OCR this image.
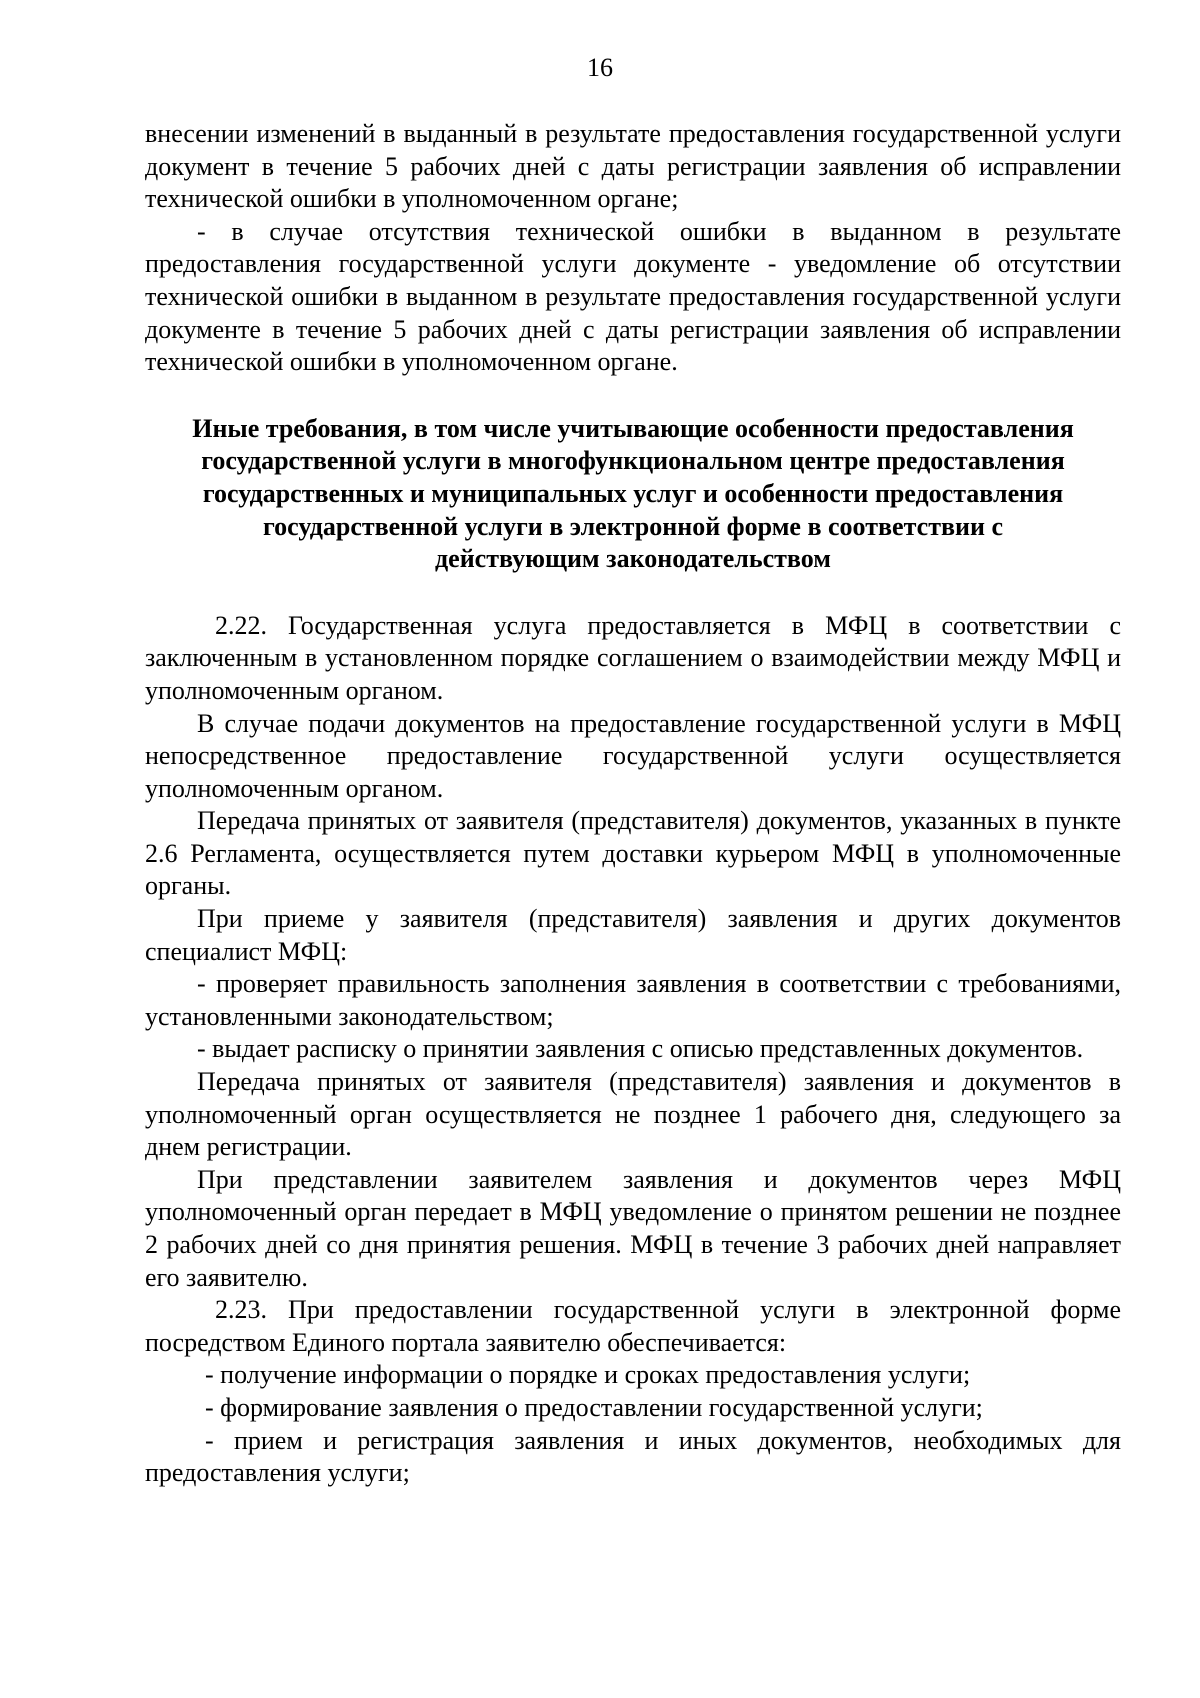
16

внесении изменений в выданный в результате предоставления государственной услуги документ в течение 5 рабочих дней с даты регистрации заявления об исправлении технической ошибки в уполномоченном органе;

- в случае отсутствия технической ошибки в выданном в результате предоставления государственной услуги документе - уведомление об отсутствии технической ошибки в выданном в результате предоставления государственной услуги документе в течение 5 рабочих дней с даты регистрации заявления об исправлении технической ошибки в уполномоченном органе.

Иные требования, в том числе учитывающие особенности предоставления государственной услуги в многофункциональном центре предоставления государственных и муниципальных услуг и особенности предоставления государственной услуги в электронной форме в соответствии с действующим законодательством

2.22. Государственная услуга предоставляется в МФЦ в соответствии с заключенным в установленном порядке соглашением о взаимодействии между МФЦ и уполномоченным органом.

В случае подачи документов на предоставление государственной услуги в МФЦ непосредственное предоставление государственной услуги осуществляется уполномоченным органом.

Передача принятых от заявителя (представителя) документов, указанных в пункте 2.6 Регламента, осуществляется путем доставки курьером МФЦ в уполномоченные органы.

При приеме у заявителя (представителя) заявления и других документов специалист МФЦ:

- проверяет правильность заполнения заявления в соответствии с требованиями, установленными законодательством;

- выдает расписку о принятии заявления с описью представленных документов.

Передача принятых от заявителя (представителя) заявления и документов в уполномоченный орган осуществляется не позднее 1 рабочего дня, следующего за днем регистрации.

При представлении заявителем заявления и документов через МФЦ уполномоченный орган передает в МФЦ уведомление о принятом решении не позднее 2 рабочих дней со дня принятия решения. МФЦ в течение 3 рабочих дней направляет его заявителю.

2.23. При предоставлении государственной услуги в электронной форме посредством Единого портала заявителю обеспечивается:

- получение информации о порядке и сроках предоставления услуги;

- формирование заявления о предоставлении государственной услуги;

- прием и регистрация заявления и иных документов, необходимых для предоставления услуги;
